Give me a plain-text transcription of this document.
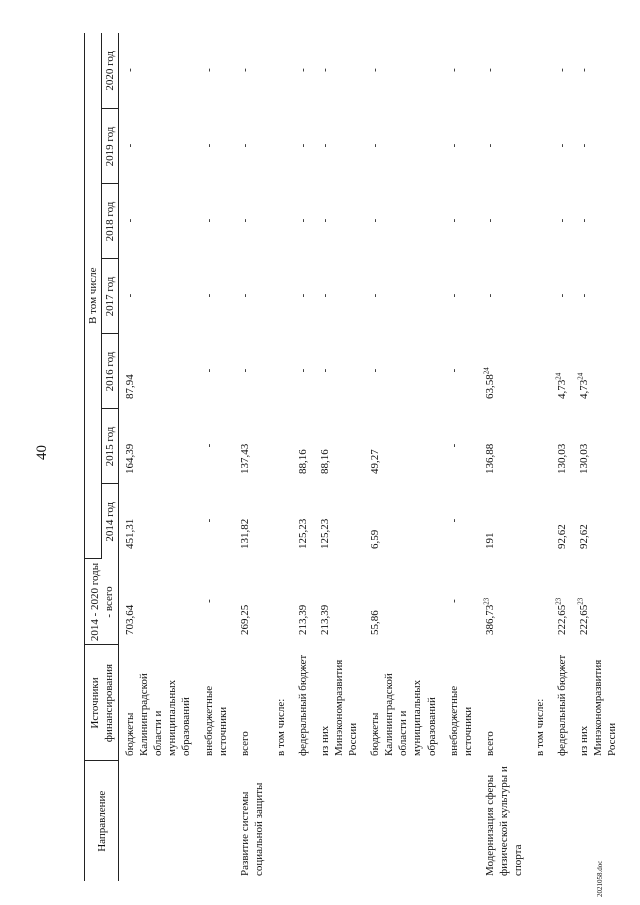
40
Направление	Источники финансирования	2014 - 2020 годы - всего	В том числе						
			2014 год	2015 год	2016 год	2017 год	2018 год	2019 год	2020 год
	бюджеты Калининградской области и муниципальных образований	703,64	451,31	164,39	87,94	-	-	-	-
	внебюджетные источники	-	-	-	-	-	-	-	-
Развитие системы социальной защиты	всего	269,25	131,82	137,43	-	-	-	-	-
	в том числе:								
	федеральный бюджет	213,39	125,23	88,16	-	-	-	-	-
	из них Минэкономразвития России	213,39	125,23	88,16	-	-	-	-	-
	бюджеты Калининградской области и муниципальных образований	55,86	6,59	49,27	-	-	-	-	-
	внебюджетные источники	-	-	-	-	-	-	-	-
Модернизация сферы физической культуры и спорта	всего	386,73$^{23}$	191	136,88	63,58$^{24}$	-	-	-	-
	в том числе:								
	федеральный бюджет	222,65$^{23}$	92,62	130,03	4,73$^{24}$	-	-	-	-
	из них Минэкономразвития России	222,65$^{23}$	92,62	130,03	4,73$^{24}$	-	-	-	-
2021058.doc
